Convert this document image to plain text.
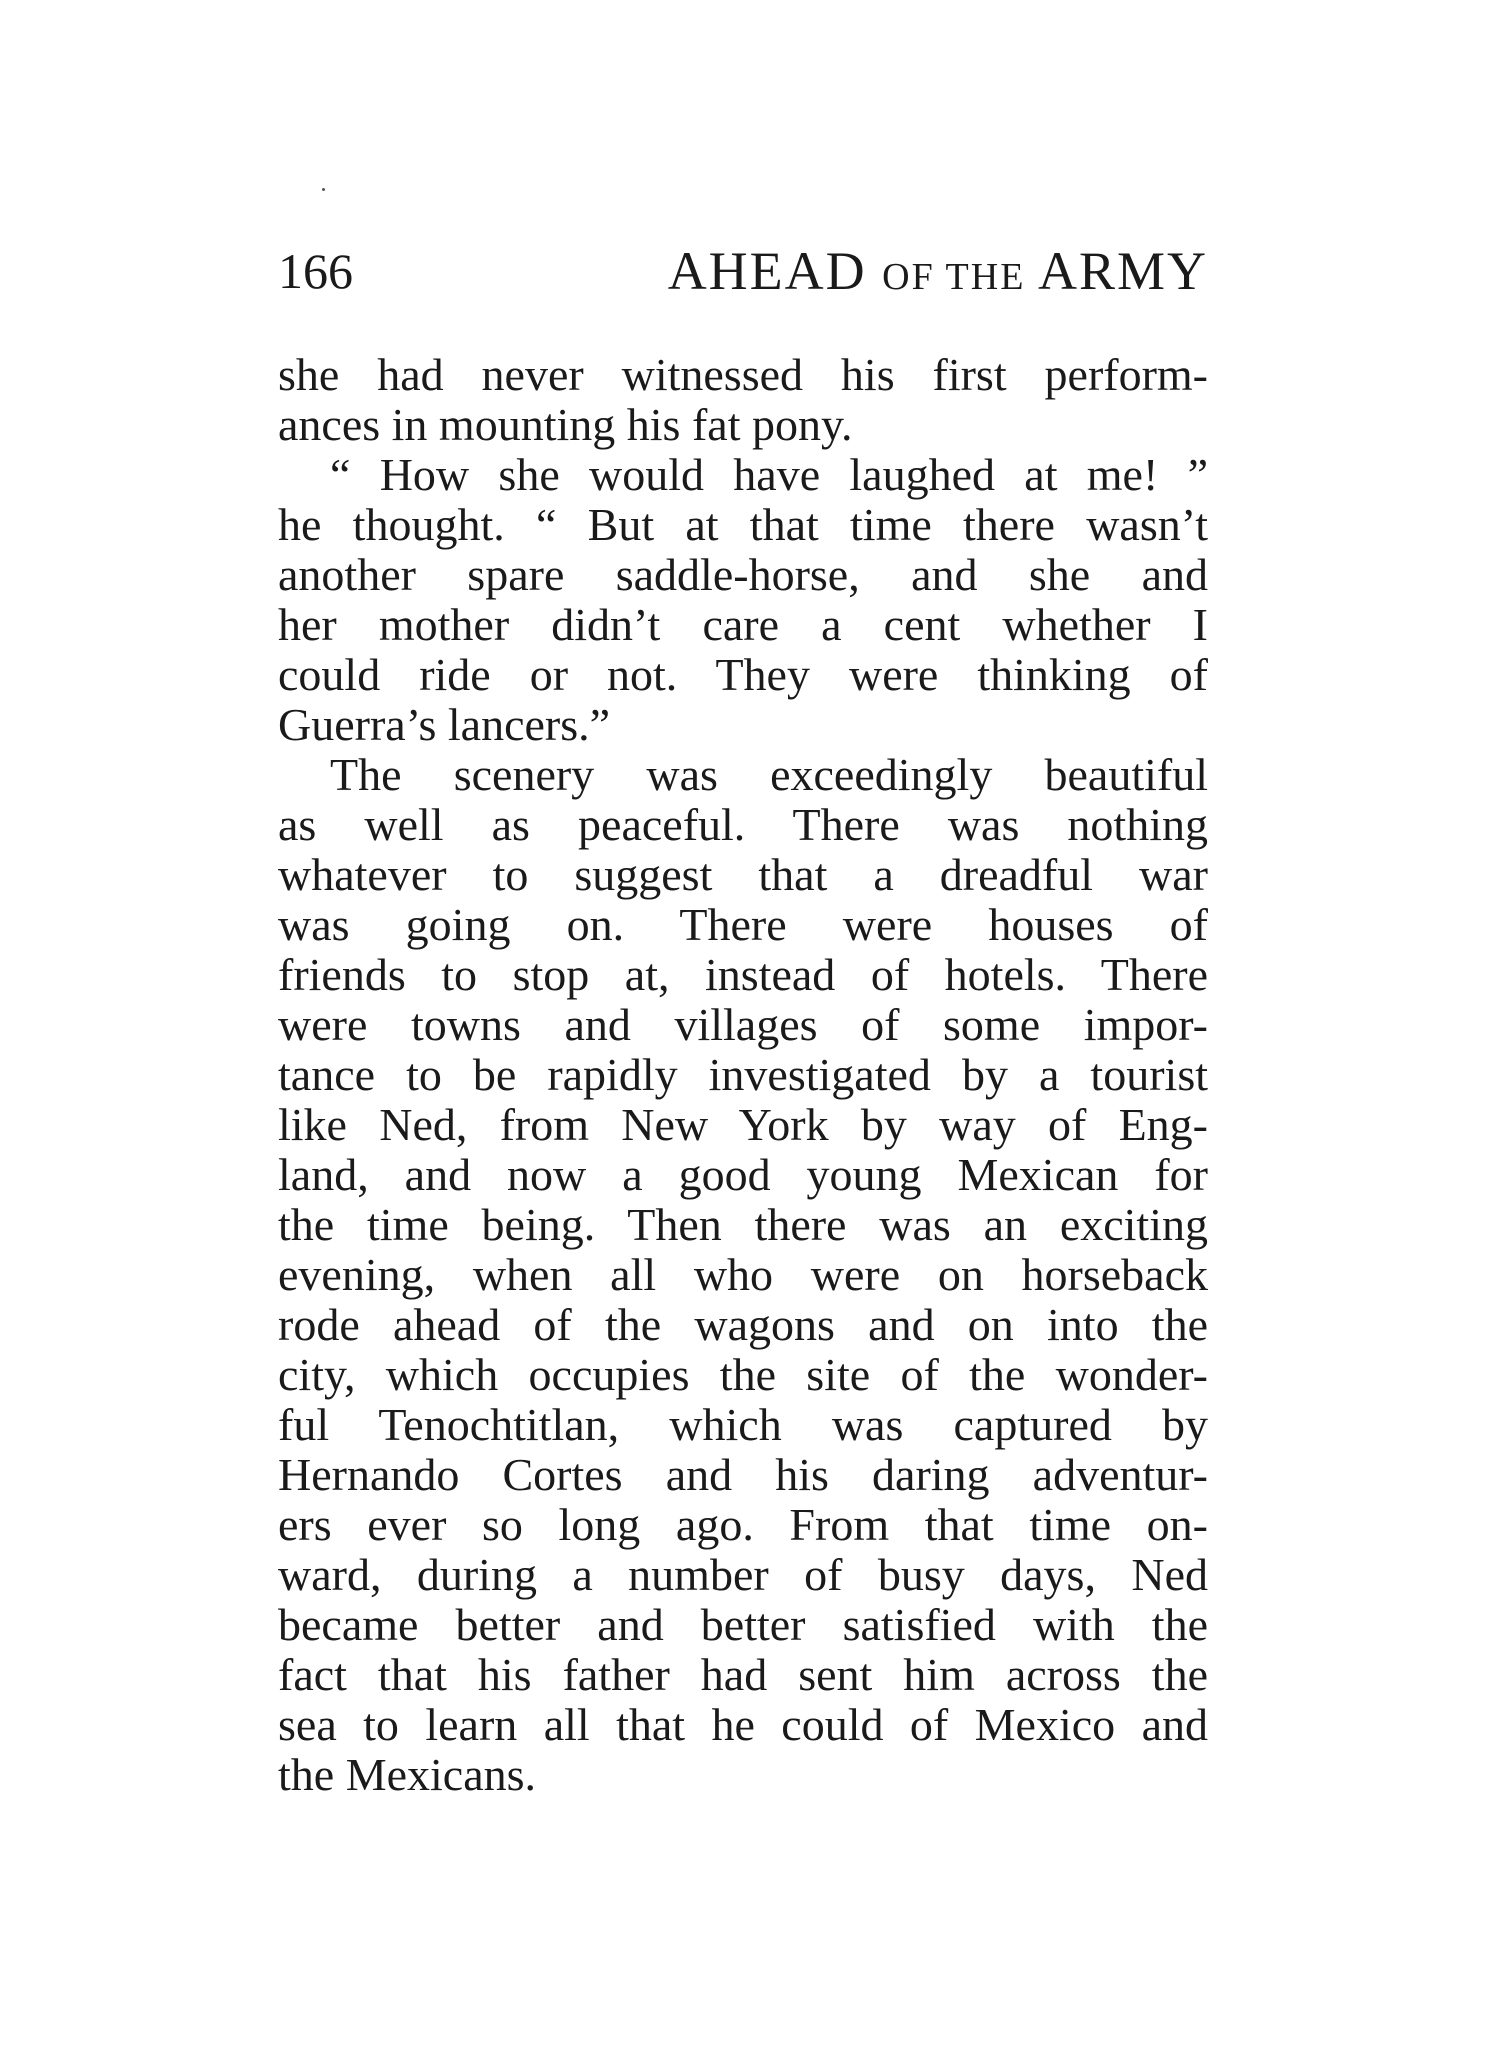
166	AHEAD OF THE ARMY
she had never witnessed his first perform-
ances in mounting his fat pony.
“ How she would have laughed at me! ”
he thought. “ But at that time there wasn’t
another spare saddle-horse, and she and
her mother didn’t care a cent whether I
could ride or not. They were thinking of
Guerra’s lancers.”
The scenery was exceedingly beautiful
as well as peaceful. There was nothing
whatever to suggest that a dreadful war
was going on. There were houses of
friends to stop at, instead of hotels. There
were towns and villages of some impor-
tance to be rapidly investigated by a tourist
like Ned, from New York by way of Eng-
land, and now a good young Mexican for
the time being. Then there was an exciting
evening, when all who were on horseback
rode ahead of the wagons and on into the
city, which occupies the site of the wonder-
ful Tenochtitlan, which was captured by
Hernando Cortes and his daring adventur-
ers ever so long ago. From that time on-
ward, during a number of busy days, Ned
became better and better satisfied with the
fact that his father had sent him across the
sea to learn all that he could of Mexico and
the Mexicans.
